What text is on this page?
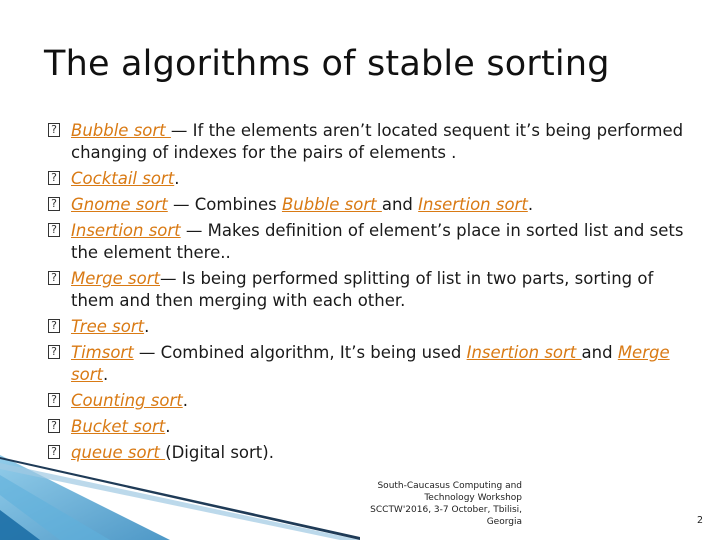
The algorithms of stable sorting
? Bubble sort — If the elements aren’t located sequent it’s being performed changing of indexes for the pairs of elements .
? Cocktail sort.
? Gnome sort — Combines Bubble sort and Insertion sort.
? Insertion sort — Makes definition of element’s place in sorted list and sets the element there..
? Merge sort— Is being performed splitting of list in two parts, sorting of them and then merging with each other.
? Tree sort.
? Timsort — Combined algorithm, It’s being used Insertion sort and Merge sort.
? Counting sort.
? Bucket sort.
? queue sort (Digital sort).
South-Caucasus Computing and
Technology Workshop
SCCTW'2016, 3-7 October, Tbilisi,
Georgia	2
